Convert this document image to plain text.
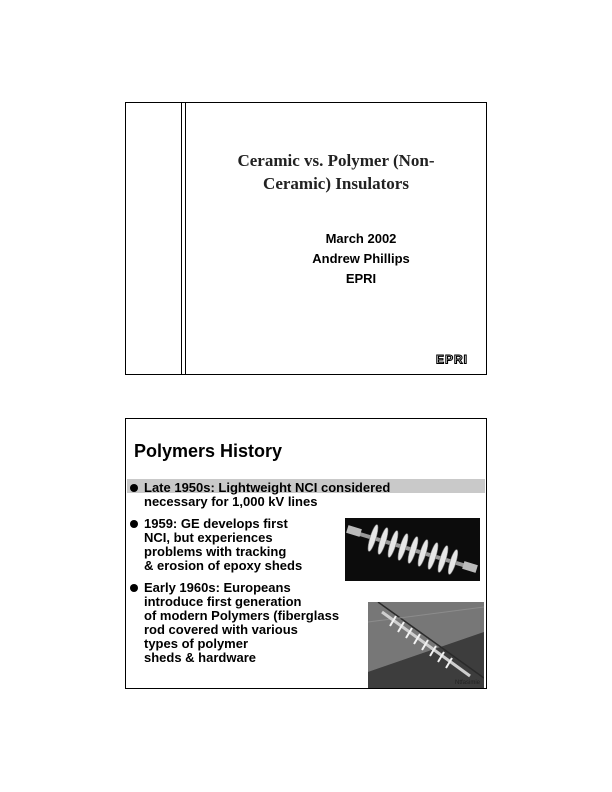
Ceramic vs. Polymer (Non-
Ceramic) Insulators
March 2002
Andrew Phillips
EPRI
EPRI
Polymers History
Late 1950s: Lightweight NCI considered
necessary for 1,000 kV lines
1959: GE develops first
NCI, but experiences
problems with tracking
& erosion of epoxy sheds
Early 1960s: Europeans
introduce first generation
of modern Polymers (fiberglass
rod covered with various
types of polymer
sheds & hardware
Ntfasimie
